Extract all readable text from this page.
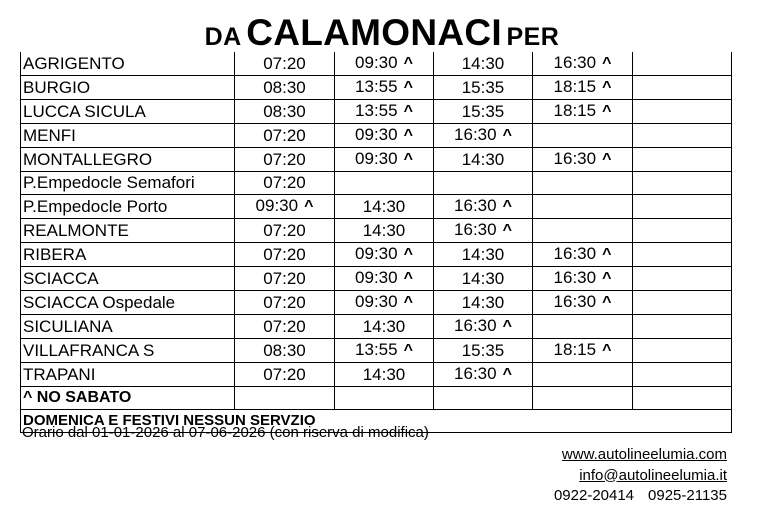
DA CALAMONACI PER
AGRIGENTO	07:20	09:30 ^	14:30	16:30 ^	
BURGIO	08:30	13:55 ^	15:35	18:15 ^	
LUCCA SICULA	08:30	13:55 ^	15:35	18:15 ^	
MENFI	07:20	09:30 ^	16:30 ^		
MONTALLEGRO	07:20	09:30 ^	14:30	16:30 ^	
P.Empedocle Semafori	07:20				
P.Empedocle Porto	09:30 ^	14:30	16:30 ^		
REALMONTE	07:20	14:30	16:30 ^		
RIBERA	07:20	09:30 ^	14:30	16:30 ^	
SCIACCA	07:20	09:30 ^	14:30	16:30 ^	
SCIACCA Ospedale	07:20	09:30 ^	14:30	16:30 ^	
SICULIANA	07:20	14:30	16:30 ^		
VILLAFRANCA S	08:30	13:55 ^	15:35	18:15 ^	
TRAPANI	07:20	14:30	16:30 ^		
^ NO SABATO					
DOMENICA E FESTIVI NESSUN SERVZIO					
Orario dal 01-01-2026 al 07-06-2026 (con riserva di modifica)
www.autolineelumia.com
info@autolineelumia.it
0922-20414 0925-21135
